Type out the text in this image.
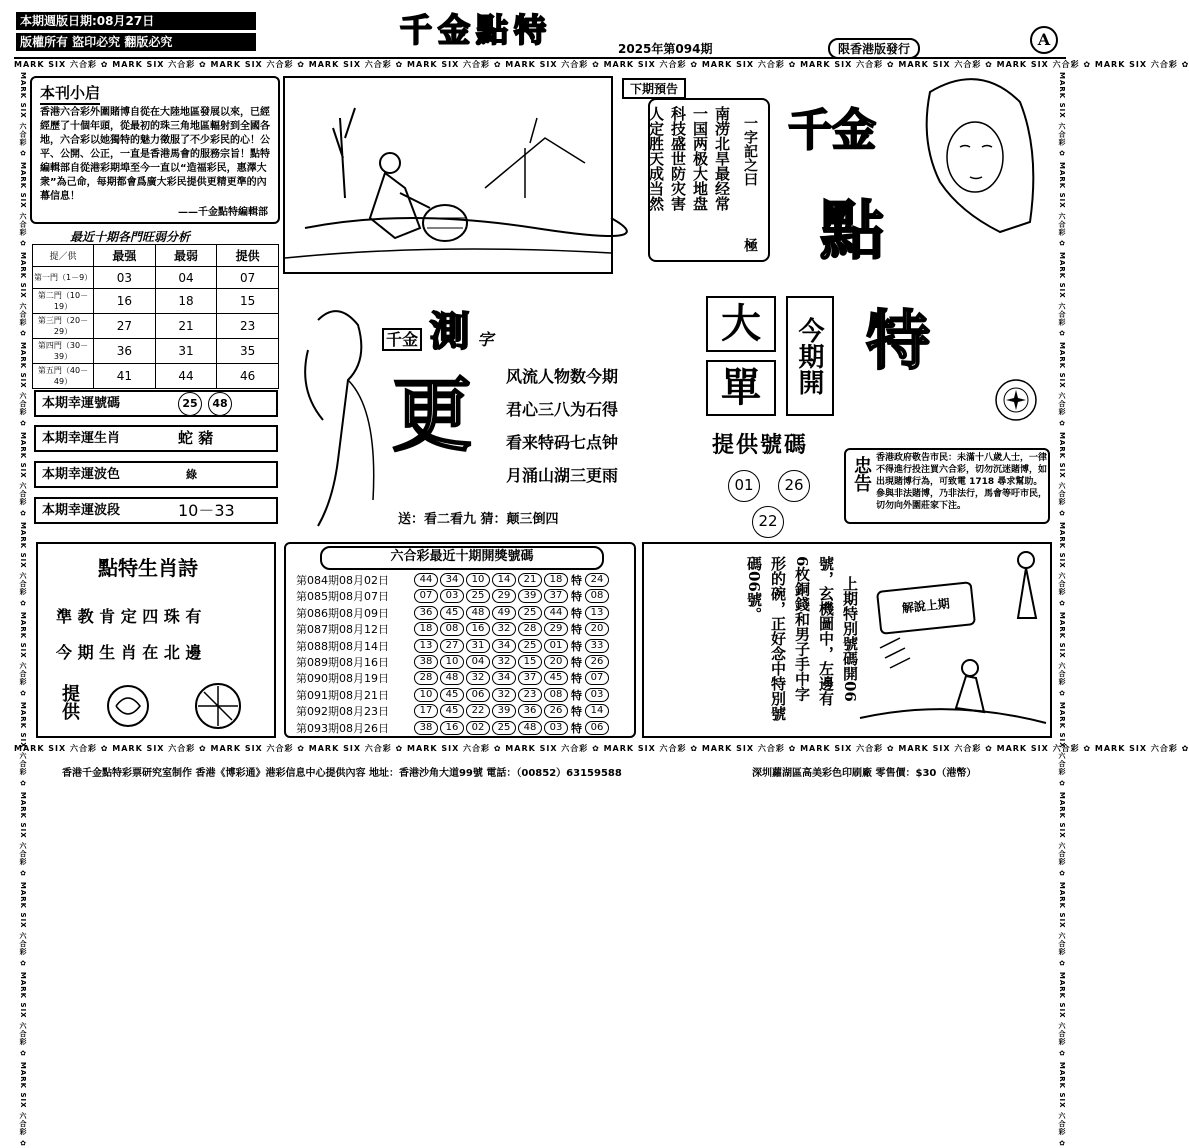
本期週版日期:08月27日
版權所有 盜印必究 翻版必究	千金點特	2025年第094期	限香港版發行	A
MARK SIX 六合彩 ✿ MARK SIX 六合彩 ✿ MARK SIX 六合彩 ✿ MARK SIX 六合彩 ✿ MARK SIX 六合彩 ✿ MARK SIX 六合彩 ✿ MARK SIX 六合彩 ✿ MARK SIX 六合彩 ✿ MARK SIX 六合彩 ✿ MARK SIX 六合彩 ✿ MARK SIX 六合彩 ✿ MARK SIX 六合彩 ✿
MARK SIX 六合彩 ✿ MARK SIX 六合彩 ✿ MARK SIX 六合彩 ✿ MARK SIX 六合彩 ✿ MARK SIX 六合彩 ✿ MARK SIX 六合彩 ✿ MARK SIX 六合彩 ✿ MARK SIX 六合彩 ✿ MARK SIX 六合彩 ✿ MARK SIX 六合彩 ✿ MARK SIX 六合彩 ✿ MARK SIX 六合彩 ✿
MARK SIX 六合彩 ✿ MARK SIX 六合彩 ✿ MARK SIX 六合彩 ✿ MARK SIX 六合彩 ✿ MARK SIX 六合彩 ✿ MARK SIX 六合彩 ✿ MARK SIX 六合彩 ✿ MARK SIX 六合彩 ✿ MARK SIX 六合彩 ✿ MARK SIX 六合彩 ✿ MARK SIX 六合彩 ✿ MARK SIX 六合彩 ✿	MARK SIX 六合彩 ✿ MARK SIX 六合彩 ✿ MARK SIX 六合彩 ✿ MARK SIX 六合彩 ✿ MARK SIX 六合彩 ✿ MARK SIX 六合彩 ✿ MARK SIX 六合彩 ✿ MARK SIX 六合彩 ✿ MARK SIX 六合彩 ✿ MARK SIX 六合彩 ✿ MARK SIX 六合彩 ✿ MARK SIX 六合彩 ✿
本刊小启
香港六合彩外圍賭博自從在大陸地區發展以來，已經經歷了十個年頭，從最初的珠三角地區輻射到全國各地，六合彩以她獨特的魅力徵服了不少彩民的心！公平、公開、公正，一直是香港馬會的服務宗旨！點特編輯部自從港彩期埠至今一直以“造福彩民，惠澤大衆”為己命，每期都會爲廣大彩民提供更精更準的內幕信息！
——千金點特編輯部
最近十期各門旺弱分析
提／供	最强	最弱	提供
第一門（1－9）	03	04	07
第二門（10－19）	16	18	15
第三門（20－29）	27	21	23
第四門（30－39）	36	31	35
第五門（40－49）	41	44	46
本期幸運號碼	25 48
本期幸運生肖	蛇 豬
本期幸運波色	綠
本期幸運波段	10－33
下期預告
一字記之曰
極
南涝北旱最经常
一国两极大地盘
科技盛世防灾害
人定胜天成当然	千金
點
特
千金 測 字
更 风流人物数今期
君心三八为石得
看来特码七点钟
月涌山湖三更雨
送：看二看九 猜：颠三倒四
大
單	今期開
提供號碼
01	26
22
忠告 香港政府敬告市民：未滿十八歲人士，一律不得進行投注買六合彩，切勿沉迷賭博，如出現賭博行為，可致電 1718 尋求幫助。參與非法賭博，乃非法行，馬會等吁市民，切勿向外圍莊家下注。
點特生肖詩
準 教 肯 定 四 珠 有
今 期 生 肖 在 北 邊
提供
六合彩最近十期開獎號碼
第084期08月02日	44	34	10	14	21	18 特 24
第085期08月07日	07	03	25	29	39	37 特 08
第086期08月09日	36	45	48	49	25	44 特 13
第087期08月12日	18	08	16	32	28	29 特 20
第088期08月14日	13	27	31	34	25	01 特 33
第089期08月16日	38	10	04	32	15	20 特 26
第090期08月19日	28	48	32	34	37	45 特 07
第091期08月21日	10	45	06	32	23	08 特 03
第092期08月23日	17	45	22	39	36	26 特 14
第093期08月26日	38	16	02	25	48	03 特 06
上期特別號碼開06
號，玄機圖中，左邊有
6枚銅錢和男子手中字
形的碗，正好念中特別號
碼06號。	解說上期
香港千金點特彩票研究室制作 香港《博彩通》港彩信息中心提供內容 地址：香港沙角大道99號 電話：（00852）63159588	深圳蘿湖區高美彩色印刷廠 零售價：$30（港幣）
